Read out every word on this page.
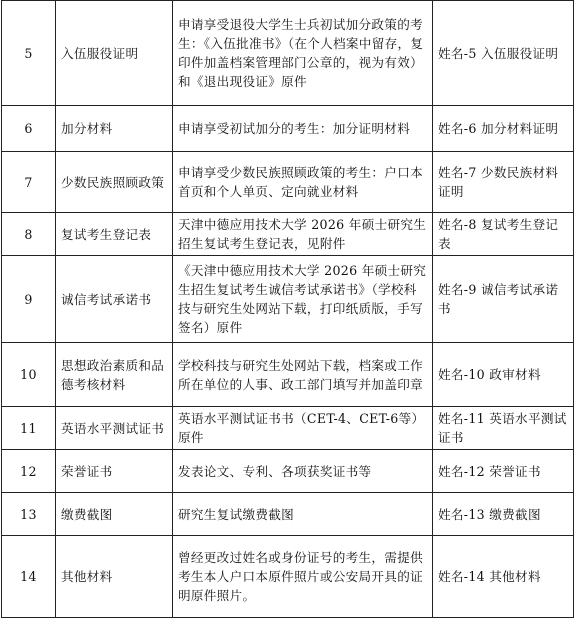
5	入伍服役证明	申请享受退役大学生士兵初试加分政策的考生：《入伍批准书》（在个人档案中留存，复印件加盖档案管理部门公章的，视为有效）和《退出现役证》原件	姓名-5 入伍服役证明
6	加分材料	申请享受初试加分的考生：加分证明材料	姓名-6 加分材料证明
7	少数民族照顾政策	申请享受少数民族照顾政策的考生：户口本首页和个人单页、定向就业材料	姓名-7 少数民族材料证明
8	复试考生登记表	天津中德应用技术大学 2026 年硕士研究生招生复试考生登记表，见附件	姓名-8 复试考生登记表
9	诚信考试承诺书	《天津中德应用技术大学 2026 年硕士研究生招生复试考生诚信考试承诺书》（学校科技与研究生处网站下载，打印纸质版，手写签名）原件	姓名-9 诚信考试承诺书
10	思想政治素质和品德考核材料	学校科技与研究生处网站下载，档案或工作所在单位的人事、政工部门填写并加盖印章	姓名-10 政审材料
11	英语水平测试证书	英语水平测试证书书（CET-4、CET-6等）原件	姓名-11 英语水平测试证书
12	荣誉证书	发表论文、专利、各项获奖证书等	姓名-12 荣誉证书
13	缴费截图	研究生复试缴费截图	姓名-13 缴费截图
14	其他材料	曾经更改过姓名或身份证号的考生，需提供考生本人户口本原件照片或公安局开具的证明原件照片。	姓名-14 其他材料
